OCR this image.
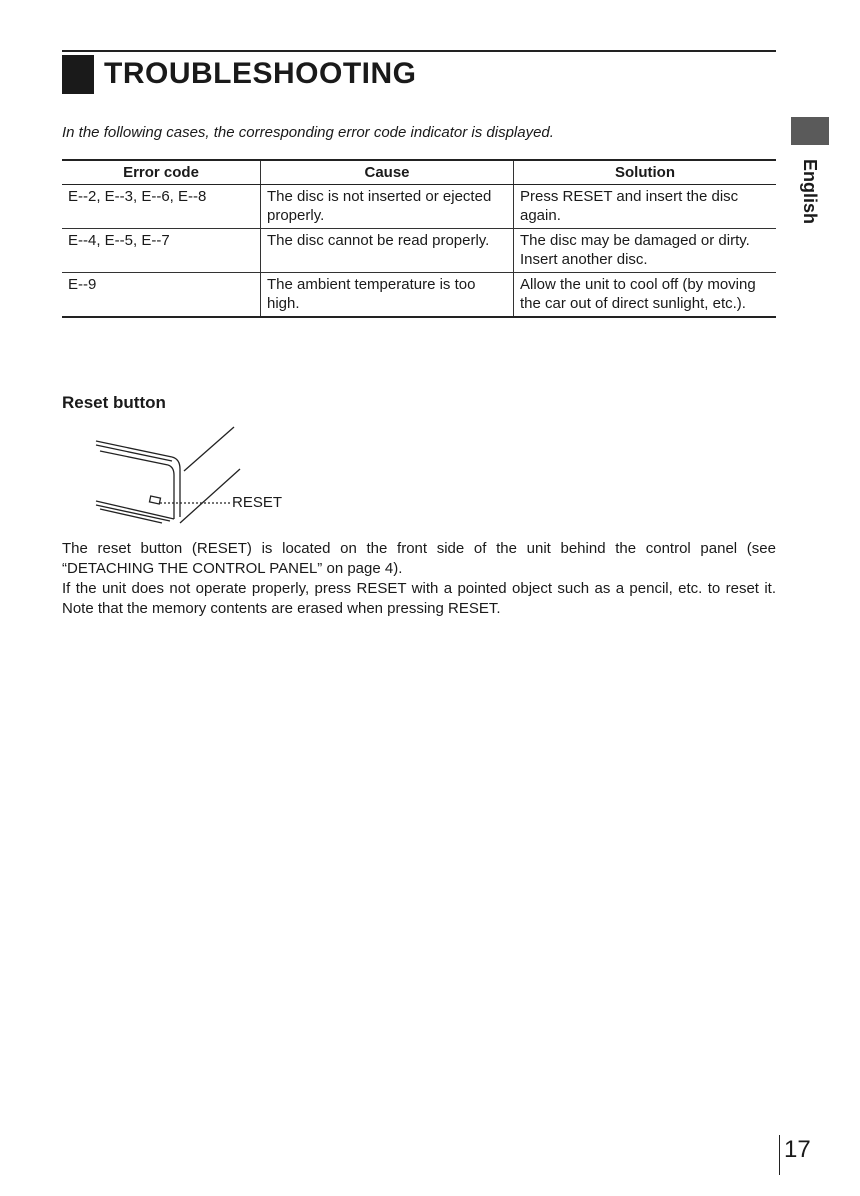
TROUBLESHOOTING
In the following cases, the corresponding error code indicator is displayed.
English
Error code	Cause	Solution
E--2, E--3, E--6, E--8	The disc is not inserted or ejected properly.	Press RESET and insert the disc again.
E--4, E--5, E--7	The disc cannot be read properly.	The disc may be damaged or dirty. Insert another disc.
E--9	The ambient temperature is too high.	Allow the unit to cool off (by moving the car out of direct sunlight, etc.).
Reset button
RESET

The reset button (RESET) is located on the front side of the unit behind the control panel (see “DETACHING THE CONTROL PANEL” on page 4).

If the unit does not operate properly, press RESET with a pointed object such as a pencil, etc. to reset it. Note that the memory contents are erased when pressing RESET.

17
